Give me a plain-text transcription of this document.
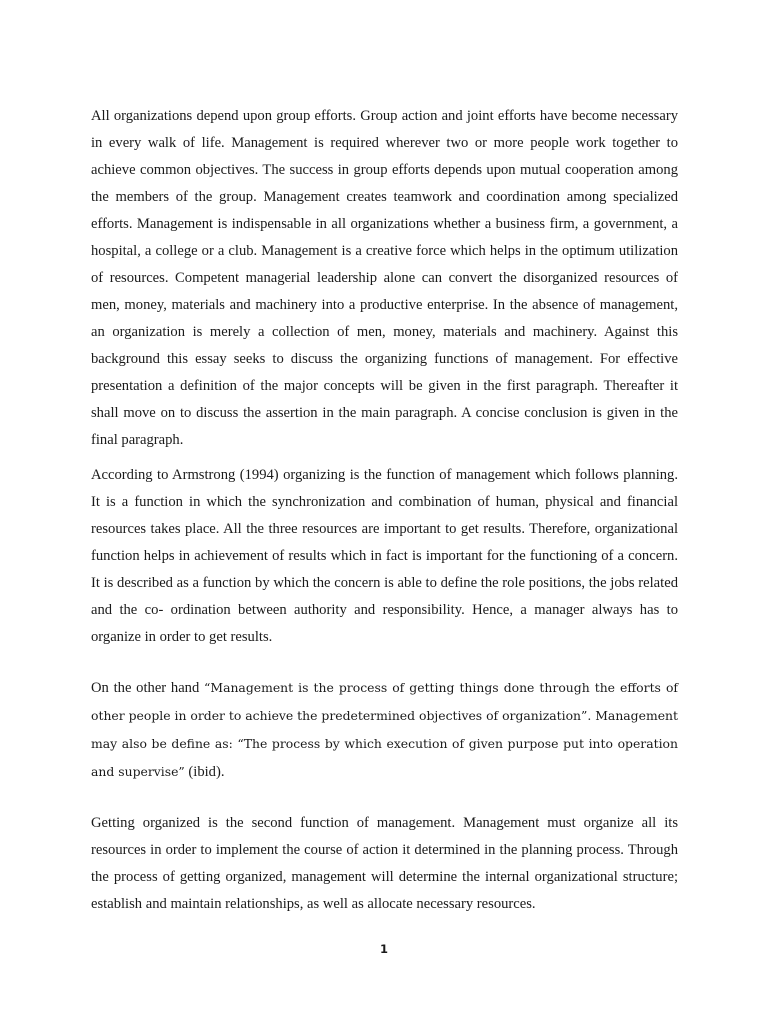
All organizations depend upon group efforts. Group action and joint efforts have become necessary in every walk of life. Management is required wherever two or more people work together to achieve common objectives. The success in group efforts depends upon mutual cooperation among the members of the group. Management creates teamwork and coordination among specialized efforts. Management is indispensable in all organizations whether a business firm, a government, a hospital, a college or a club. Management is a creative force which helps in the optimum utilization of resources. Competent managerial leadership alone can convert the disorganized resources of men, money, materials and machinery into a productive enterprise. In the absence of management, an organization is merely a collection of men, money, materials and machinery. Against this background this essay seeks to discuss the organizing functions of management. For effective presentation a definition of the major concepts will be given in the first paragraph. Thereafter it shall move on to discuss the assertion in the main paragraph. A concise conclusion is given in the final paragraph.

According to Armstrong (1994) organizing is the function of management which follows planning. It is a function in which the synchronization and combination of human, physical and financial resources takes place. All the three resources are important to get results. Therefore, organizational function helps in achievement of results which in fact is important for the functioning of a concern. It is described as a function by which the concern is able to define the role positions, the jobs related and the co- ordination between authority and responsibility. Hence, a manager always has to organize in order to get results.

On the other hand “Management is the process of getting things done through the efforts of other people in order to achieve the predetermined objectives of organization”. Management may also be define as: “The process by which execution of given purpose put into operation and supervise” (ibid).

Getting organized is the second function of management. Management must organize all its resources in order to implement the course of action it determined in the planning process. Through the process of getting organized, management will determine the internal organizational structure; establish and maintain relationships, as well as allocate necessary resources.

1
